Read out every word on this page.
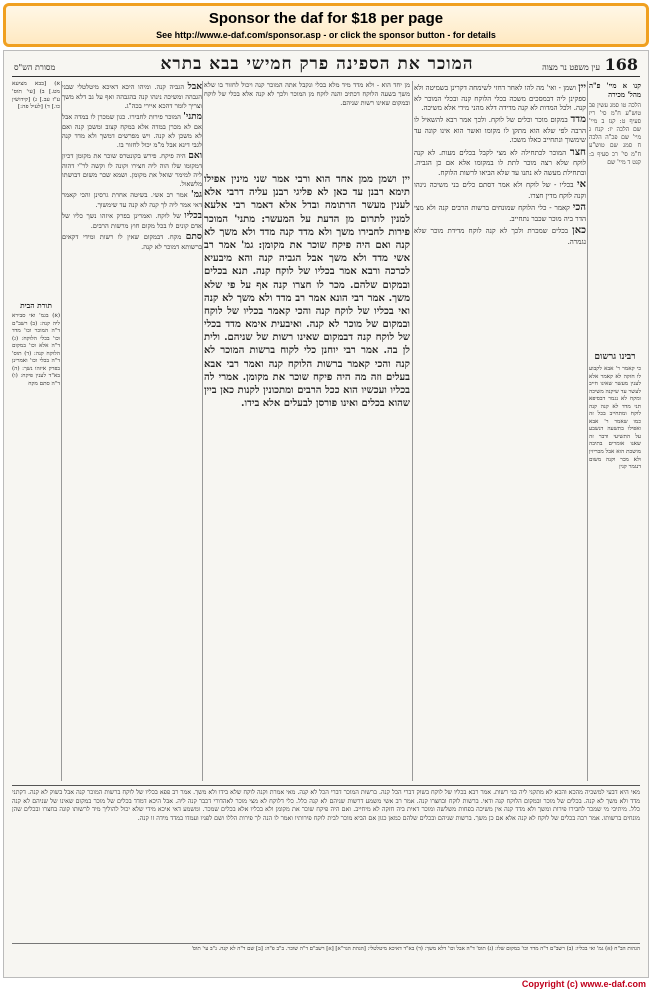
Sponsor the daf for $18 per page
See http://www.e-daf.com/sponsor.asp - or click the sponsor button - for details
מסורת הש"ס	המוכר את הספינה פרק חמישי בבא בתרא	עין משפט נר מצוה 168
קנו א מיי' פ"ה מהל' מכירה

הלכה טו סמג עשין פב טוש"ע ח"מ סי' ריז סעיף ט: קנז ב מיי' שם הלכה יז: קנח ג מיי' שם פכ"ה הלכה ח סמג שם טוש"ע ח"מ סי' רכ סעיף ב: קנט ד מיי' שם

רבינו גרשום

כי קאמר ר' אבא לקבוע לו חזקה לא קאמר אלא לענין מעשר שאינו חייב לעשר עד שיקנה משיכה ומקח לא נגמר דבסיפא תני מדד לא קנה קנה לוקח ומתחייב בכל זה כמו שאמר ר' אבא ואפילו בתשעה דנשבע על התשיעי ודבר זה שאנו אומרים בתיבה מושכת הוא אבל מכריזין ולא מכר וקנה משום דנגמר קנין

יין ושמן - ואי' מה להו לאחר דחזי לשימחה דקרינן בשמיטה ולא ספקינן ליה דבמסכים משכה בכלי הלוקח קנה ובכלי המוכר לא קנה. ולכל המדות לא קנה מדידה דלא מהני מידי אלא משיכה.

מדד במקום מוכר וכלים של לוקח. ולכך אמר רבא להשאיל לו הרבה לפי שלא הוא מתקן לו מקומו ואשר הוא אינו קונה עד שימשוך ונתחייב כאלו משכו.

חצר המוכר לכתחילה לא מצי לקבל בכלים מעות. לא קנה לוקח שלא רצה מוכר לתת לו במקומו אלא אם כן הגביה. ובתחילת מעשה לא נתנו עד שלא הביאו לרשות הלוקח.

אי בכליו - של לוקח ולא אמר דסתם כלים בני משיכה נינהו וקנה לוקח מדין חצרו.

הכי קאמר - כלי הלוקח שמונחים ברשות הרבים קנה ולא מצי הדר ביה מוכר שכבר נתחייב.

כאן בכלים שמכרת ולכך לא קנה לוקח מדידת מוכר שלא נגמרה.

מן יחד הוא - ולא מדד מיד מלא בכלי ונקבל אתה המוכר קנה ויכול לחזור בו שלא משך בשעה הלוקח דכתיב והנה לוקח מן המוכר ולכך לא קנה אלא בכלי של לוקח ובמקום שאינו רשות שניהם.

יין ושמן ממן אחד הוא ורבי אמר שני מינין אפילו תימא רבנן עד כאן לא פליגי רבנן עליה דרבי אלא לענין מעשר הרתומה ובדל אלא דאמר רבי אלעא למנין לתרום מן הדעת על המעשר: מתני' המוכר פירות לחבירו משך ולא מדד קנה מדד ולא משך לא קנה ואם היה פיקח שוכר את מקומן: גמ' אמר רב אשי מדד ולא משך אבל הגביה קנה והא מיבעיא לכרכה ורבא אמר בכליו של לוקח קנה. תנא בכלים ובמקום שלהם. מכר לו חצרו קנה אף על פי שלא משך. אמר רבי הונא אמר רב מדד ולא משך לא קנה ואי בכליו של לוקח קנה והכי קאמר בכליו של לוקח ובמקום של מוכר לא קנה. ואיבעית אימא מדד בכלי של לוקח קנה דבמקום שאינו רשות של שניהם. ולית לן בה. אמר רבי יוחנן כלי לקוח ברשות המוכר לא קנה והכי קאמר ברשות הלוקח קנה ואמר רבי אבא בעלים וזה מה היה פיקח שוכר את מקומן. אמרי לה בכליו ועכשיו הוא ככל הרבים ומתכונין לקנות כאן ביין שהוא בכלים ואינו פורסן לבעלים אלא בידו.

אבל הגביה קנה. ומיהו היכא דאיכא מיטלטלי שבני הגבהה ומשיכה נינהו קנה בהגבהה ואף על גב דלא משך וצריך לומר דהכא איירי בכה"ג.

מתני' המוכר פירות לחבירו. כגון שמכרן לו במדה אבל אם לא מכרן במדה אלא במקח קצוב ומשכן קנה ואם לא משכן לא קנה. ויש מפרשים דמשך ולא מדד קנה לגבי דינא אבל מ"מ יכול לחזור בו.

ואם היה פיקח. פירש בקונטרס שוכר את מקומן דכיון דמקומו שלו הוה ליה חצירו וקונה לו וקשה לר"י דהוה ליה למימר שואל את מקומן. ושמא שכר משום דבושתו מלשאול.

גמ' אמר רב אשי. בשיטה אחרת גרסינן והכי קאמר דאי אמר ליה לך קנה לא קנה עד שימשוך.

בכליו של לוקח. ואמרינן בפרק איזהו נשך כליו של אדם קונים לו בכל מקום חוץ מרשות הרבים.

סתם מקח. דבמקום שאין לו רשות ומידי דקאים ברשותא דמוכר לא קנה.

א) [בבא מציעא מט.] ב) [עי' תוס' ע"ז עב.] ג) [קידושין כו.] ד) [לעיל פה:]

תורת הבית

(א) בגמ' ואי סבירא ליה קנה: (ב) רשב"ם ד"ה המוכר וכו' מדד וכו' בכלי הלוקח: (ג) ד"ה אלא וכו' במקום הלוקח קנה: (ד) תוס' ד"ה בכלי וכו' ואמרינן בפרק איזהו נשך: (ה) בא"ד לענין פיקח: (ו) ד"ה סתם מקח

מאי היא דבעי למשכיה מהכא והכא לא מתקני ליה בני רשות. אמר רבא בכליו של לוקח בשוק דברי הכל קנה. ברשות המוכר דברי הכל לא קנה. מאי אמרת וקנה לוקח שלא בידו ולא משך. אמר רב פפא בכליו של לוקח ברשות המוכר קנה אבל בשוק לא קנה. דקתני מדד ולא משך לא קנה. בכלים של מוכר ובמקום הלוקח קנה ודאי. ברשות לוקח ובחצרו קנה. אמר רב אשי משמע דרשות שניהם לא קנה כלל. כלי דלוקח לא מצי מוכר לאהדורי דכבר קנה ליה. אבל היכא דמדד בכלים של מוכר במקום שאינו של שניהם לא קנה כלל. מיתיבי מי שמכר לחבירו פירות ומשך ולא מדד קנה אין משיכה בפחות משלשה ומוכר דאית ביה חזקה לא מיחייב. ואם היה פיקח שוכר את מקומן ולא בכליו אלא בכלים שמכר. ומשמע דאי איכא מידי שלא יכול להוליך מיד לרשותו קונה בחצרו ובכלים שהן מונחים ברשותו. אמר רבה בכלים של לוקח לא קנה אלא אם כן משך. ברשות שניהם ובכלים שלהם כמאן כגון אם הביא מוכר לבית לוקח פירותיו ואמר לו הנה לך פירות הללו ושם לפניו ועמדו במדד מידה זו קנה.

הגהות הב"ח (א) גמ' ואי בכליו: (ב) רשב"ם ד"ה מדד וכו' במקום שלו: (ג) תוס' ד"ה אבל וכו' דלא משך: (ד) בא"ד דאיכא מיטלטלי: [הגהת הגר"א] [א] רשב"ם ד"ה שוכר. ב"ב פ"ה: [ב] שם ד"ה לא קנה. נ"ב עי' תוס'

Copyright (c) www.e-daf.com
